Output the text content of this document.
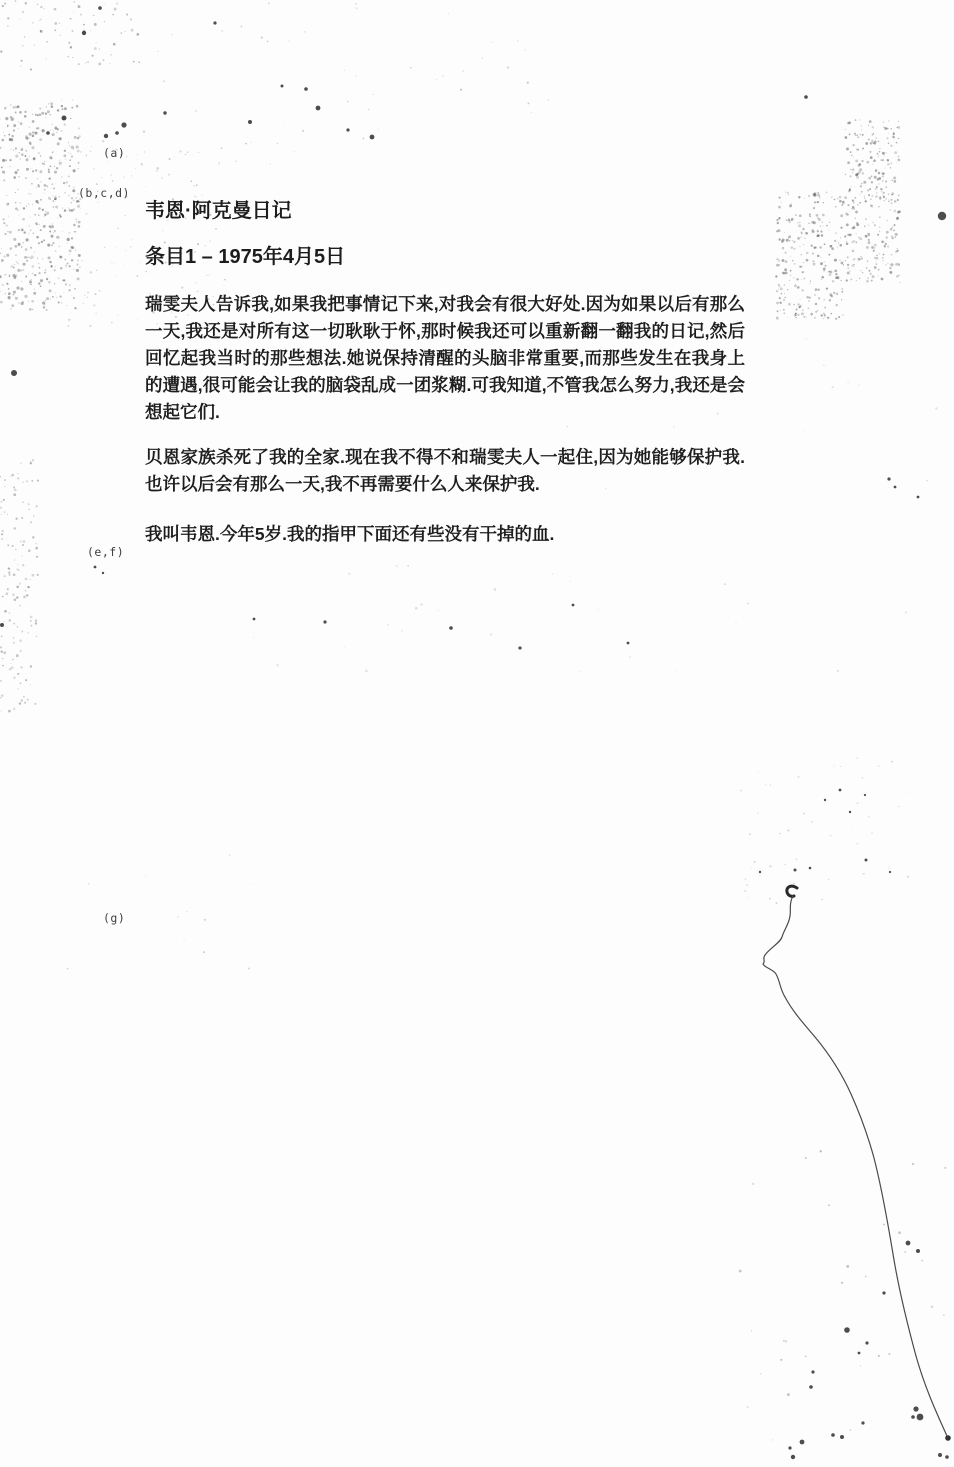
(a)
(b,c,d)
(e,f)
(g)
韦恩·阿克曼日记
条目1 – 1975年4月5日

瑞雯夫人告诉我,如果我把事情记下来,对我会有很大好处.因为如果以后有那么一天,我还是对所有这一切耿耿于怀,那时候我还可以重新翻一翻我的日记,然后回忆起我当时的那些想法.她说保持清醒的头脑非常重要,而那些发生在我身上的遭遇,很可能会让我的脑袋乱成一团浆糊.可我知道,不管我怎么努力,我还是会想起它们.

贝恩家族杀死了我的全家.现在我不得不和瑞雯夫人一起住,因为她能够保护我.也许以后会有那么一天,我不再需要什么人来保护我.

我叫韦恩.今年5岁.我的指甲下面还有些没有干掉的血.
